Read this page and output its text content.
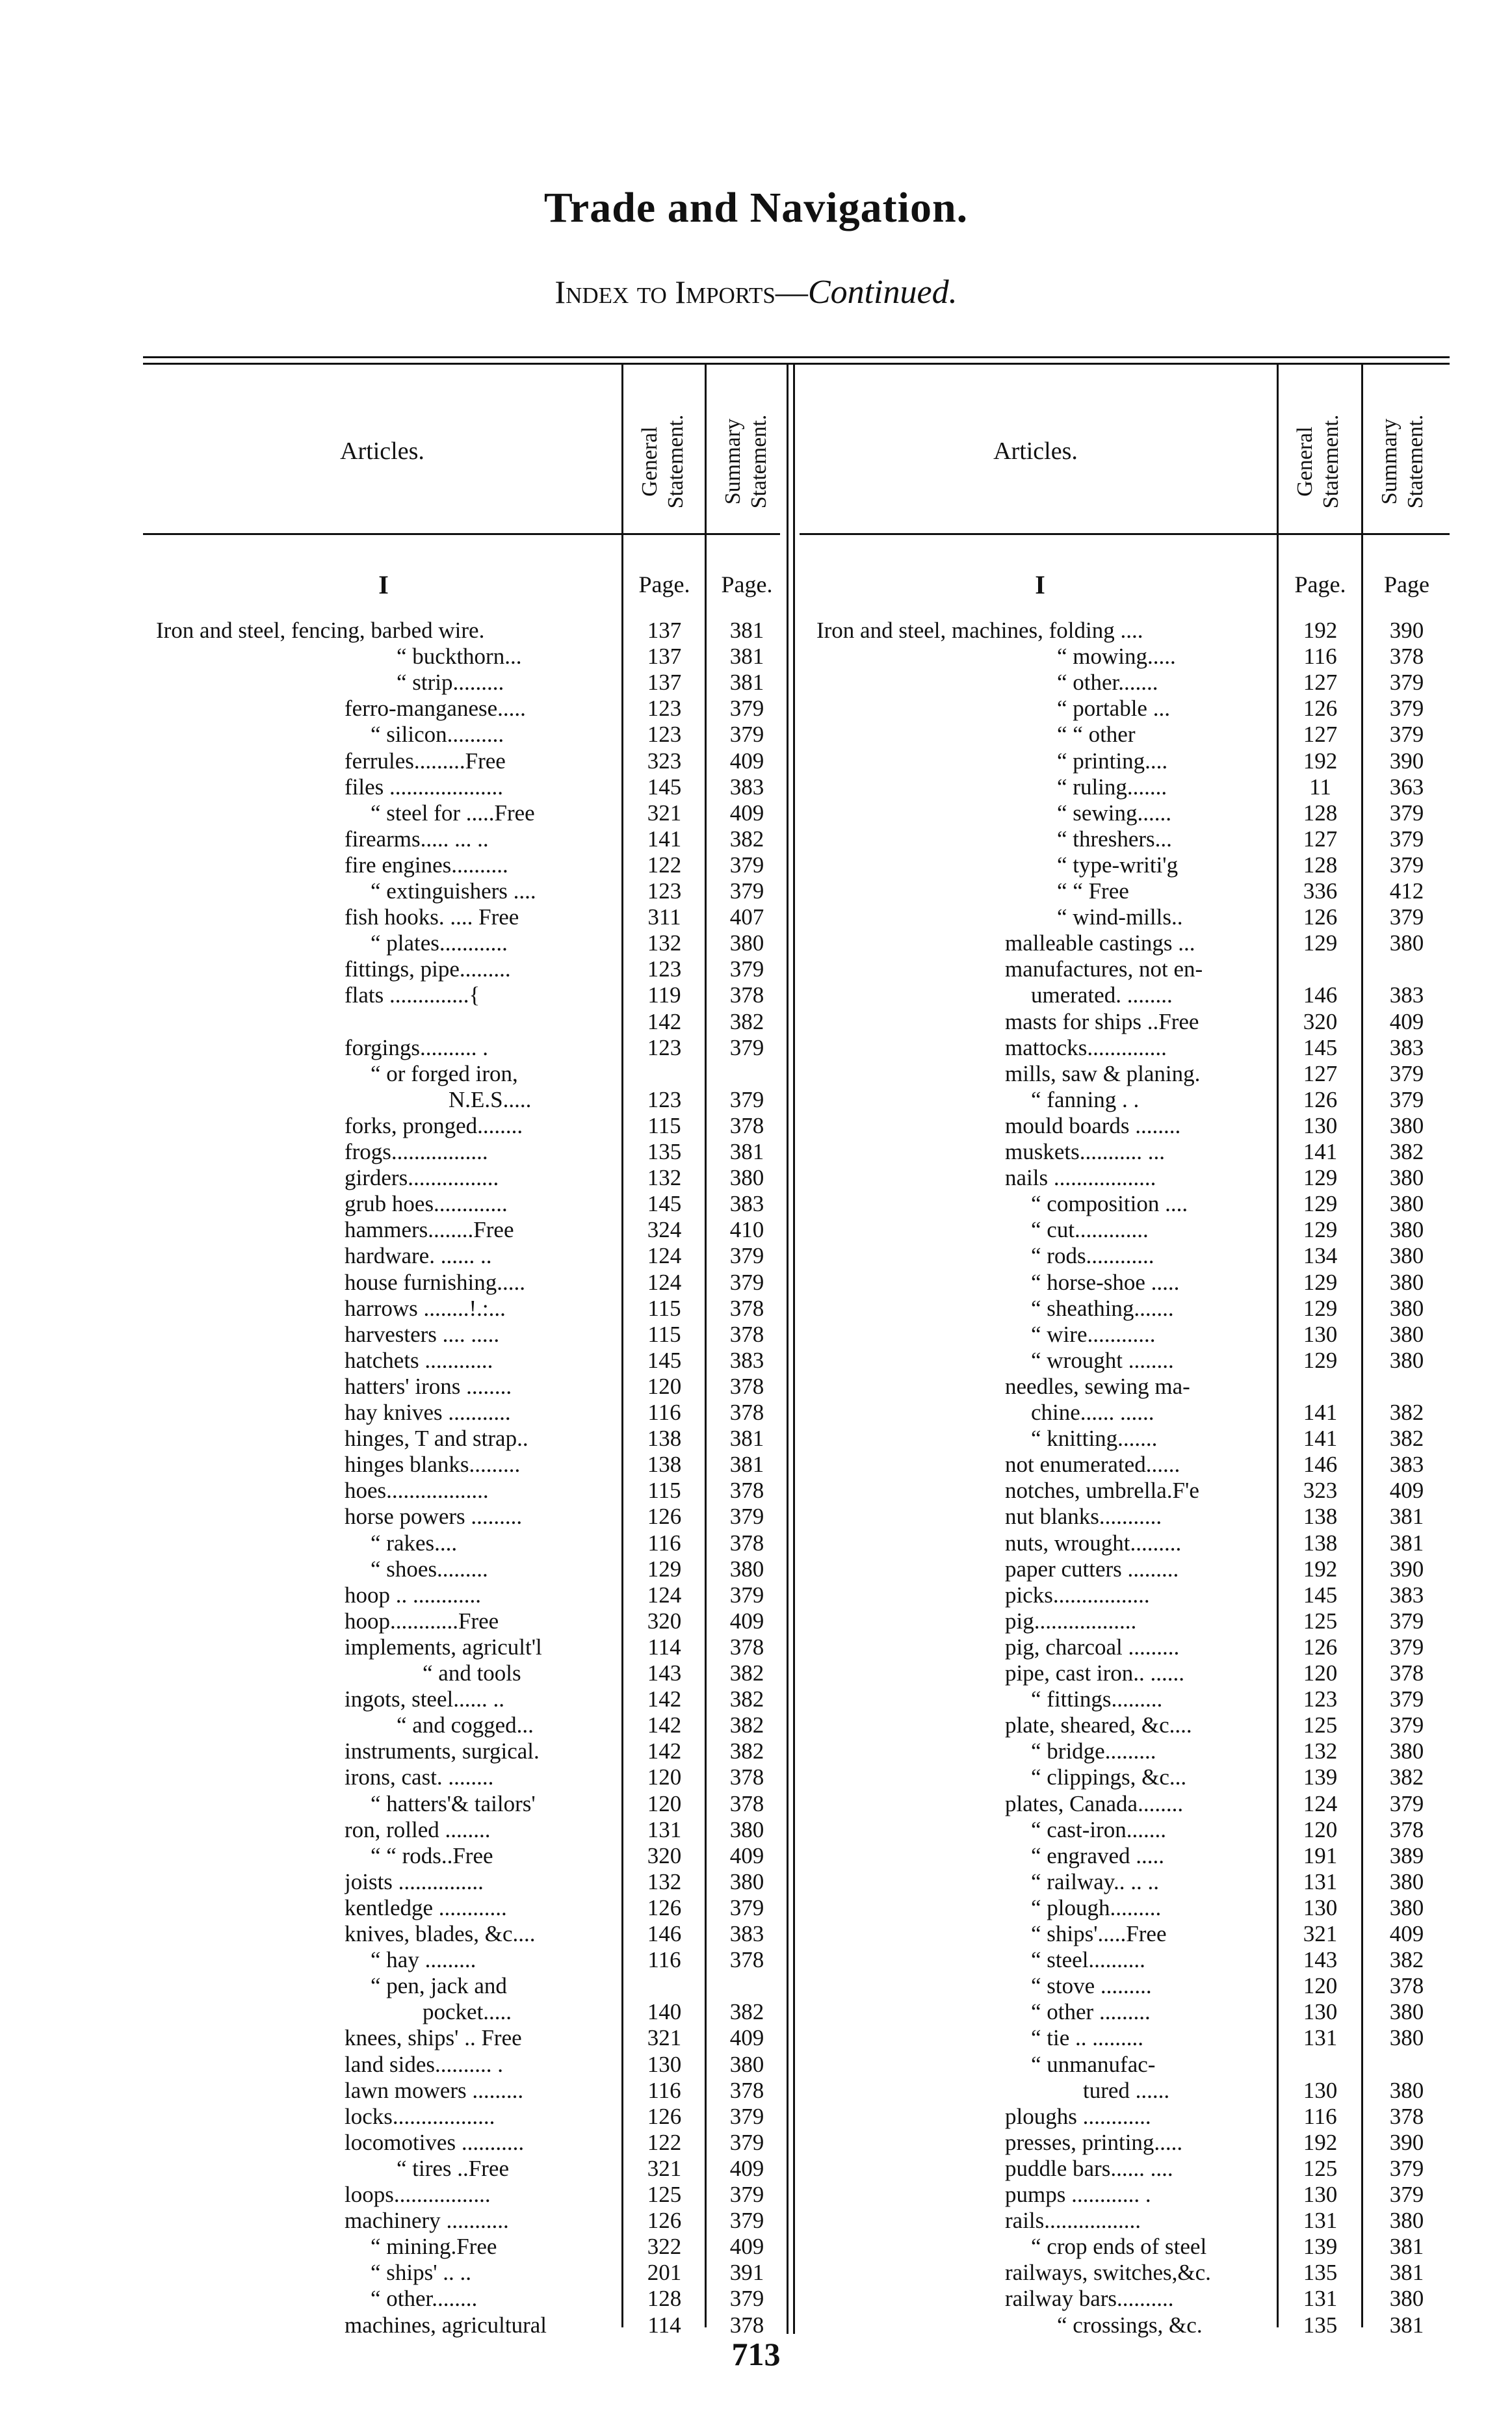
Trade and Navigation.
Index to Imports—Continued.
Articles.	General
Statement. Summary
Statement.	Articles.	General
Statement. Summary
Statement.
I	Page.	Page.	I	Page.	Page
Iron and steel, fencing, barbed wire.	137	381
“ buckthorn...	137	381
“ strip.........	137	381
ferro-manganese.....	123	379
“ silicon..........	123	379
ferrules.........Free	323	409
files ....................	145	383
“ steel for .....Free	321	409
firearms..... ... ..	141	382
fire engines..........	122	379
“ extinguishers ....	123	379
fish hooks. .... Free	311	407
“ plates............	132	380
fittings, pipe.........	123	379
flats ..............{	119	378
142	382
forgings.......... .	123	379
“ or forged iron,
N.E.S.....	123	379
forks, pronged........	115	378
frogs.................	135	381
girders................	132	380
grub hoes.............	145	383
hammers........Free	324	410
hardware. ...... ..	124	379
house furnishing.....	124	379
harrows ........!.:...	115	378
harvesters .... .....	115	378
hatchets ............	145	383
hatters' irons ........	120	378
hay knives ...........	116	378
hinges, T and strap..	138	381
hinges blanks.........	138	381
hoes..................	115	378
horse powers .........	126	379
“ rakes....	116	378
“ shoes.........	129	380
hoop .. ............	124	379
hoop............Free	320	409
implements, agricult'l	114	378
“ and tools	143	382
ingots, steel...... ..	142	382
“ and cogged...	142	382
instruments, surgical.	142	382
irons, cast. ........	120	378
“ hatters'& tailors'	120	378
ron, rolled ........	131	380
“ “ rods..Free	320	409
joists ...............	132	380
kentledge ............	126	379
knives, blades, &c....	146	383
“ hay .........	116	378
“ pen, jack and
pocket.....	140	382
knees, ships' .. Free	321	409
land sides.......... .	130	380
lawn mowers .........	116	378
locks..................	126	379
locomotives ...........	122	379
“ tires ..Free	321	409
loops.................	125	379
machinery ...........	126	379
“ mining.Free	322	409
“ ships' .. ..	201	391
“ other........	128	379
machines, agricultural	114	378
Iron and steel, machines, folding ....	192	390
“ mowing.....	116	378
“ other.......	127	379
“ portable ...	126	379
“ “ other	127	379
“ printing....	192	390
“ ruling.......	11	363
“ sewing......	128	379
“ threshers...	127	379
“ type-writi'g	128	379
“ “ Free	336	412
“ wind-mills..	126	379
malleable castings ...	129	380
manufactures, not en-
umerated. ........	146	383
masts for ships ..Free	320	409
mattocks..............	145	383
mills, saw & planing.	127	379
“ fanning . .	126	379
mould boards ........	130	380
muskets........... ...	141	382
nails ..................	129	380
“ composition ....	129	380
“ cut.............	129	380
“ rods............	134	380
“ horse-shoe .....	129	380
“ sheathing.......	129	380
“ wire............	130	380
“ wrought ........	129	380
needles, sewing ma-
chine...... ......	141	382
“ knitting.......	141	382
not enumerated......	146	383
notches, umbrella.F'e	323	409
nut blanks...........	138	381
nuts, wrought.........	138	381
paper cutters .........	192	390
picks.................	145	383
pig..................	125	379
pig, charcoal .........	126	379
pipe, cast iron.. ......	120	378
“ fittings.........	123	379
plate, sheared, &c....	125	379
“ bridge.........	132	380
“ clippings, &c...	139	382
plates, Canada........	124	379
“ cast-iron.......	120	378
“ engraved .....	191	389
“ railway.. .. ..	131	380
“ plough.........	130	380
“ ships'.....Free	321	409
“ steel..........	143	382
“ stove .........	120	378
“ other .........	130	380
“ tie .. .........	131	380
“ unmanufac-
tured ......	130	380
ploughs ............	116	378
presses, printing.....	192	390
puddle bars...... ....	125	379
pumps ............ .	130	379
rails.................	131	380
“ crop ends of steel	139	381
railways, switches,&c.	135	381
railway bars..........	131	380
“ crossings, &c.	135	381
713
